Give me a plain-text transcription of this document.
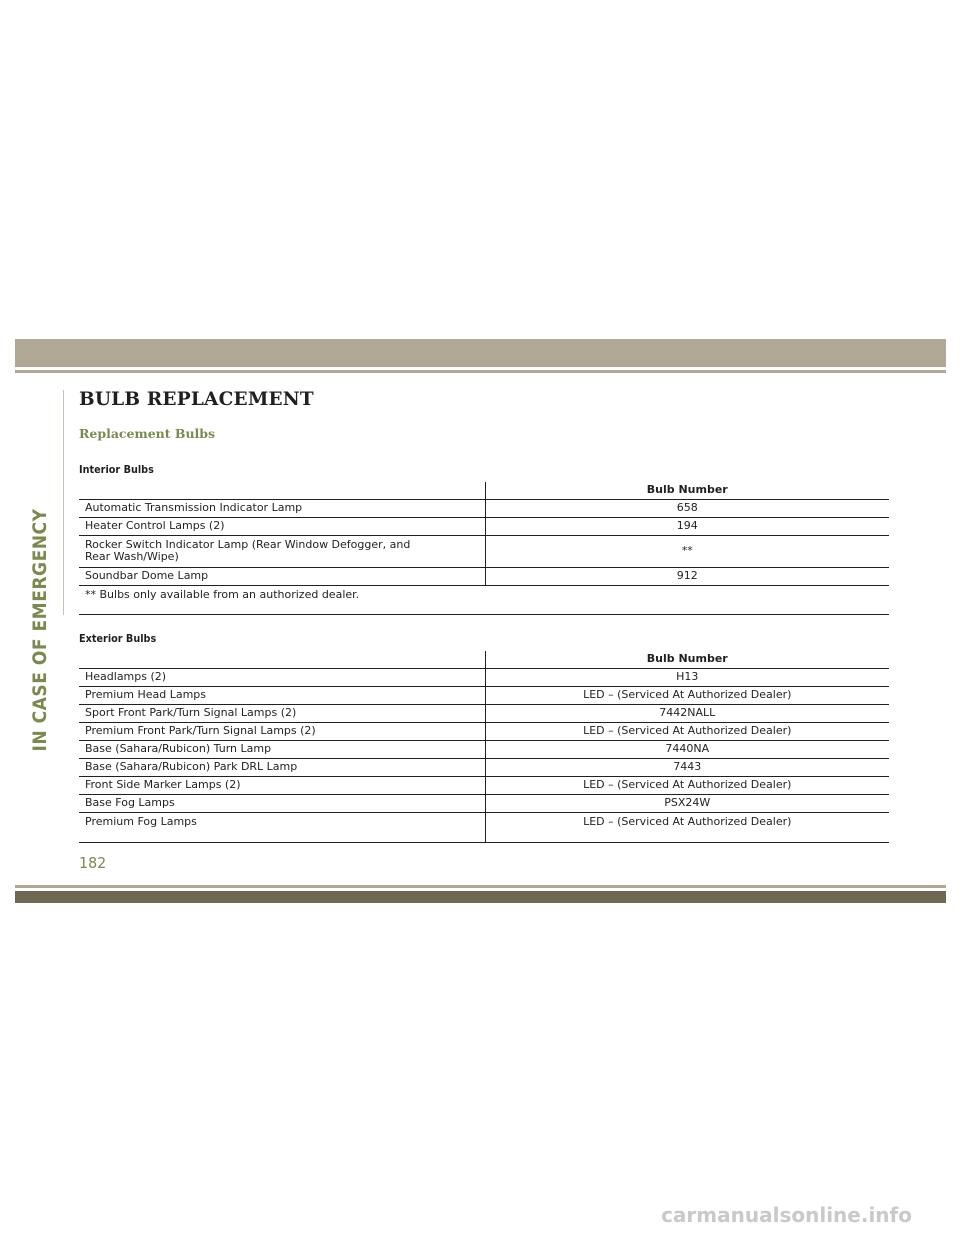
IN CASE OF EMERGENCY
BULB REPLACEMENT
Replacement Bulbs

Interior Bulbs

	Bulb Number
Automatic Transmission Indicator Lamp	658
Heater Control Lamps (2)	194
Rocker Switch Indicator Lamp (Rear Window Defogger, and
Rear Wash/Wipe)	**
Soundbar Dome Lamp	912
** Bulbs only available from an authorized dealer.	

Exterior Bulbs

	Bulb Number
Headlamps (2)	H13
Premium Head Lamps	LED – (Serviced At Authorized Dealer)
Sport Front Park/Turn Signal Lamps (2)	7442NALL
Premium Front Park/Turn Signal Lamps (2)	LED – (Serviced At Authorized Dealer)
Base (Sahara/Rubicon) Turn Lamp	7440NA
Base (Sahara/Rubicon) Park DRL Lamp	7443
Front Side Marker Lamps (2)	LED – (Serviced At Authorized Dealer)
Base Fog Lamps	PSX24W
Premium Fog Lamps	LED – (Serviced At Authorized Dealer)
182
carmanualsonline.info
